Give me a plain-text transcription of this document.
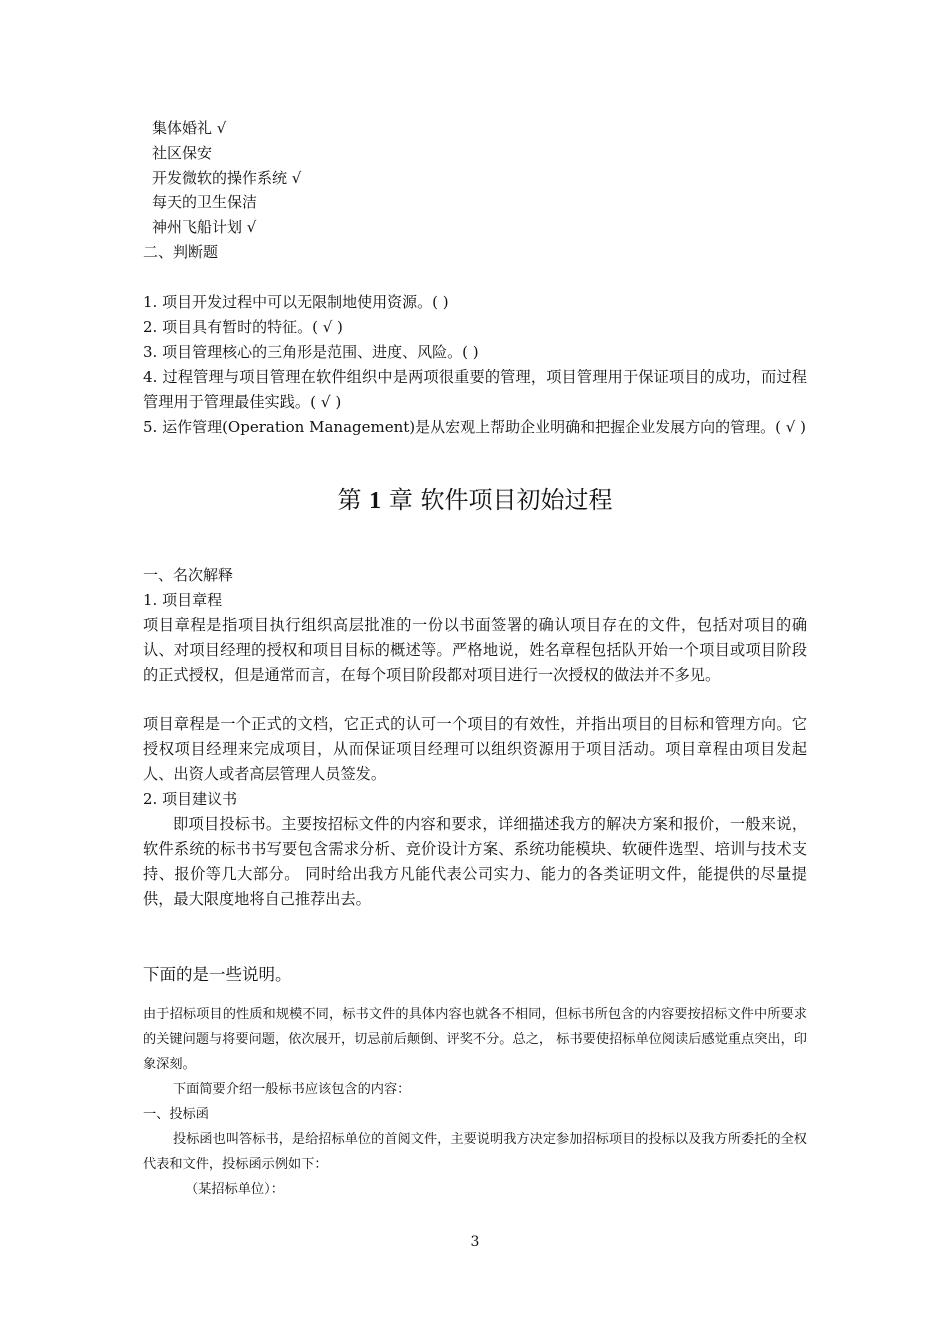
集体婚礼 √
社区保安
开发微软的操作系统 √
每天的卫生保洁
神州飞船计划 √
二、判断题
1. 项目开发过程中可以无限制地使用资源。( )
2. 项目具有暂时的特征。( √ )
3. 项目管理核心的三角形是范围、进度、风险。( )
4. 过程管理与项目管理在软件组织中是两项很重要的管理，项目管理用于保证项目的成功，而过程管理用于管理最佳实践。( √ )
5. 运作管理(Operation Management)是从宏观上帮助企业明确和把握企业发展方向的管理。( √ )
第 1 章 软件项目初始过程
一、名次解释
1. 项目章程
项目章程是指项目执行组织高层批准的一份以书面签署的确认项目存在的文件，包括对项目的确认、对项目经理的授权和项目目标的概述等。严格地说，姓名章程包括队开始一个项目或项目阶段的正式授权，但是通常而言，在每个项目阶段都对项目进行一次授权的做法并不多见。
项目章程是一个正式的文档，它正式的认可一个项目的有效性，并指出项目的目标和管理方向。它授权项目经理来完成项目，从而保证项目经理可以组织资源用于项目活动。项目章程由项目发起人、出资人或者高层管理人员签发。
2. 项目建议书
即项目投标书。主要按招标文件的内容和要求，详细描述我方的解决方案和报价，一般来说，软件系统的标书书写要包含需求分析、竞价设计方案、系统功能模块、软硬件选型、培训与技术支持、报价等几大部分。 同时给出我方凡能代表公司实力、能力的各类证明文件，能提供的尽量提供，最大限度地将自己推荐出去。
下面的是一些说明。
由于招标项目的性质和规模不同，标书文件的具体内容也就各不相同，但标书所包含的内容要按招标文件中所要求的关键问题与将要问题，依次展开，切忌前后颠倒、评奖不分。总之， 标书要使招标单位阅读后感觉重点突出，印象深刻。
下面简要介绍一般标书应该包含的内容：
一、投标函
投标函也叫答标书，是给招标单位的首阅文件，主要说明我方决定参加招标项目的投标以及我方所委托的全权代表和文件，投标函示例如下：
（某招标单位）：
3
